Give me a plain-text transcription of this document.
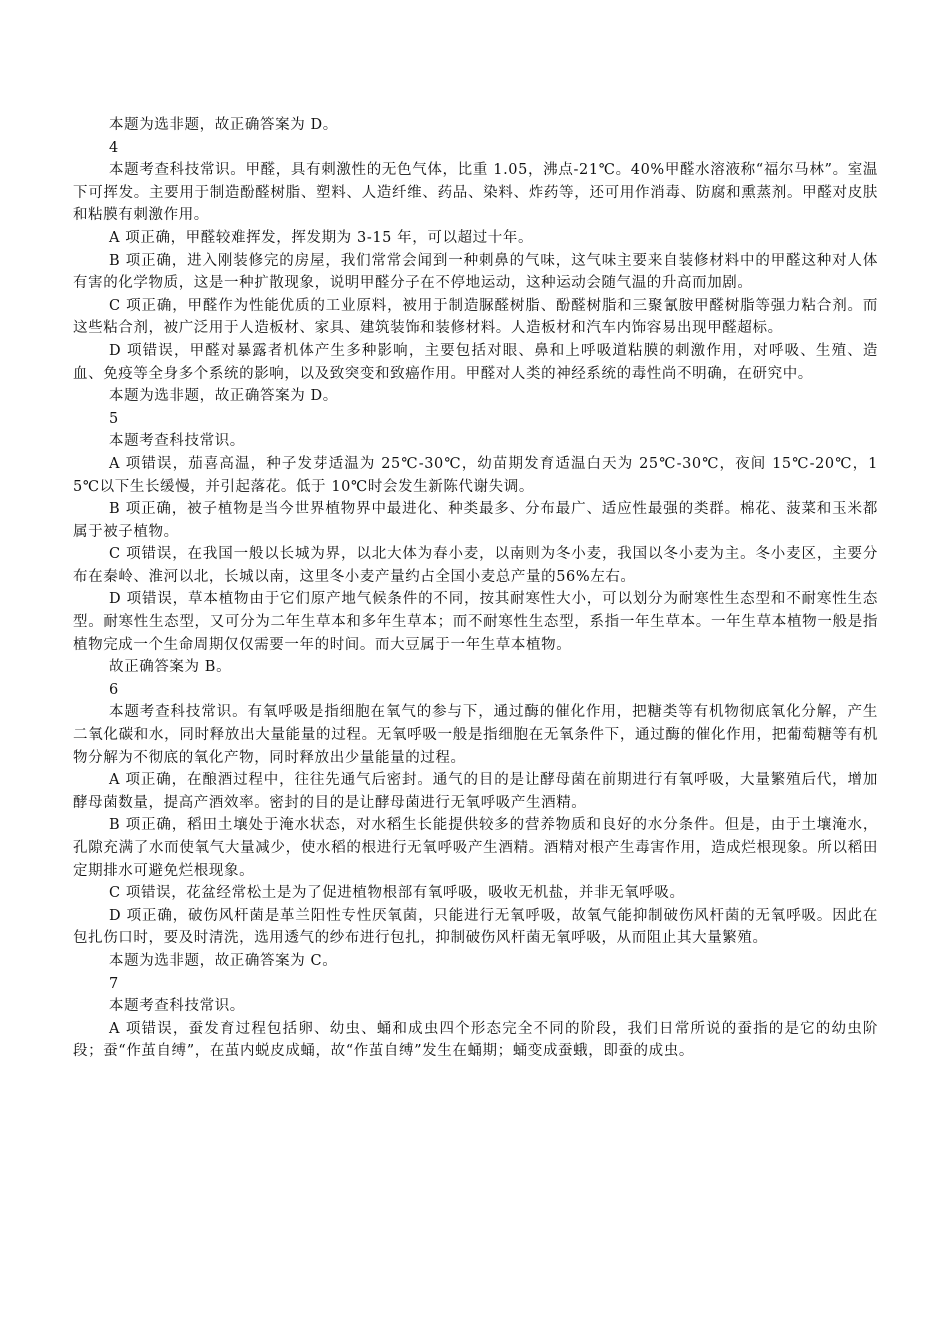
本题为选非题，故正确答案为 D。

4

本题考查科技常识。甲醛，具有刺激性的无色气体，比重 1.05，沸点-21℃。40%甲醛水溶液称“福尔马林”。室温下可挥发。主要用于制造酚醛树脂、塑料、人造纤维、药品、染料、炸药等，还可用作消毒、防腐和熏蒸剂。甲醛对皮肤和粘膜有刺激作用。

A 项正确，甲醛较难挥发，挥发期为 3-15 年，可以超过十年。

B 项正确，进入刚装修完的房屋，我们常常会闻到一种刺鼻的气味，这气味主要来自装修材料中的甲醛这种对人体有害的化学物质，这是一种扩散现象，说明甲醛分子在不停地运动，这种运动会随气温的升高而加剧。

C 项正确，甲醛作为性能优质的工业原料，被用于制造脲醛树脂、酚醛树脂和三聚氰胺甲醛树脂等强力粘合剂。而这些粘合剂，被广泛用于人造板材、家具、建筑装饰和装修材料。人造板材和汽车内饰容易出现甲醛超标。

D 项错误，甲醛对暴露者机体产生多种影响，主要包括对眼、鼻和上呼吸道粘膜的刺激作用，对呼吸、生殖、造血、免疫等全身多个系统的影响，以及致突变和致癌作用。甲醛对人类的神经系统的毒性尚不明确，在研究中。

本题为选非题，故正确答案为 D。

5

本题考查科技常识。

A 项错误，茄喜高温，种子发芽适温为 25℃-30℃，幼苗期发育适温白天为 25℃-30℃，夜间 15℃-20℃，15℃以下生长缓慢，并引起落花。低于 10℃时会发生新陈代谢失调。

B 项正确，被子植物是当今世界植物界中最进化、种类最多、分布最广、适应性最强的类群。棉花、菠菜和玉米都属于被子植物。

C 项错误，在我国一般以长城为界，以北大体为春小麦，以南则为冬小麦，我国以冬小麦为主。冬小麦区，主要分布在秦岭、淮河以北，长城以南，这里冬小麦产量约占全国小麦总产量的56%左右。

D 项错误，草本植物由于它们原产地气候条件的不同，按其耐寒性大小，可以划分为耐寒性生态型和不耐寒性生态型。耐寒性生态型，又可分为二年生草本和多年生草本；而不耐寒性生态型，系指一年生草本。一年生草本植物一般是指植物完成一个生命周期仅仅需要一年的时间。而大豆属于一年生草本植物。

故正确答案为 B。

6

本题考查科技常识。有氧呼吸是指细胞在氧气的参与下，通过酶的催化作用，把糖类等有机物彻底氧化分解，产生二氧化碳和水，同时释放出大量能量的过程。无氧呼吸一般是指细胞在无氧条件下，通过酶的催化作用，把葡萄糖等有机物分解为不彻底的氧化产物，同时释放出少量能量的过程。

A 项正确，在酿酒过程中，往往先通气后密封。通气的目的是让酵母菌在前期进行有氧呼吸，大量繁殖后代，增加酵母菌数量，提高产酒效率。密封的目的是让酵母菌进行无氧呼吸产生酒精。

B 项正确，稻田土壤处于淹水状态，对水稻生长能提供较多的营养物质和良好的水分条件。但是，由于土壤淹水，孔隙充满了水而使氧气大量减少，使水稻的根进行无氧呼吸产生酒精。酒精对根产生毒害作用，造成烂根现象。所以稻田定期排水可避免烂根现象。

C 项错误，花盆经常松土是为了促进植物根部有氧呼吸，吸收无机盐，并非无氧呼吸。

D 项正确，破伤风杆菌是革兰阳性专性厌氧菌，只能进行无氧呼吸，故氧气能抑制破伤风杆菌的无氧呼吸。因此在包扎伤口时，要及时清洗，选用透气的纱布进行包扎，抑制破伤风杆菌无氧呼吸，从而阻止其大量繁殖。

本题为选非题，故正确答案为 C。

7

本题考查科技常识。

A 项错误，蚕发育过程包括卵、幼虫、蛹和成虫四个形态完全不同的阶段，我们日常所说的蚕指的是它的幼虫阶段；蚕“作茧自缚”，在茧内蜕皮成蛹，故“作茧自缚”发生在蛹期；蛹变成蚕蛾，即蚕的成虫。
